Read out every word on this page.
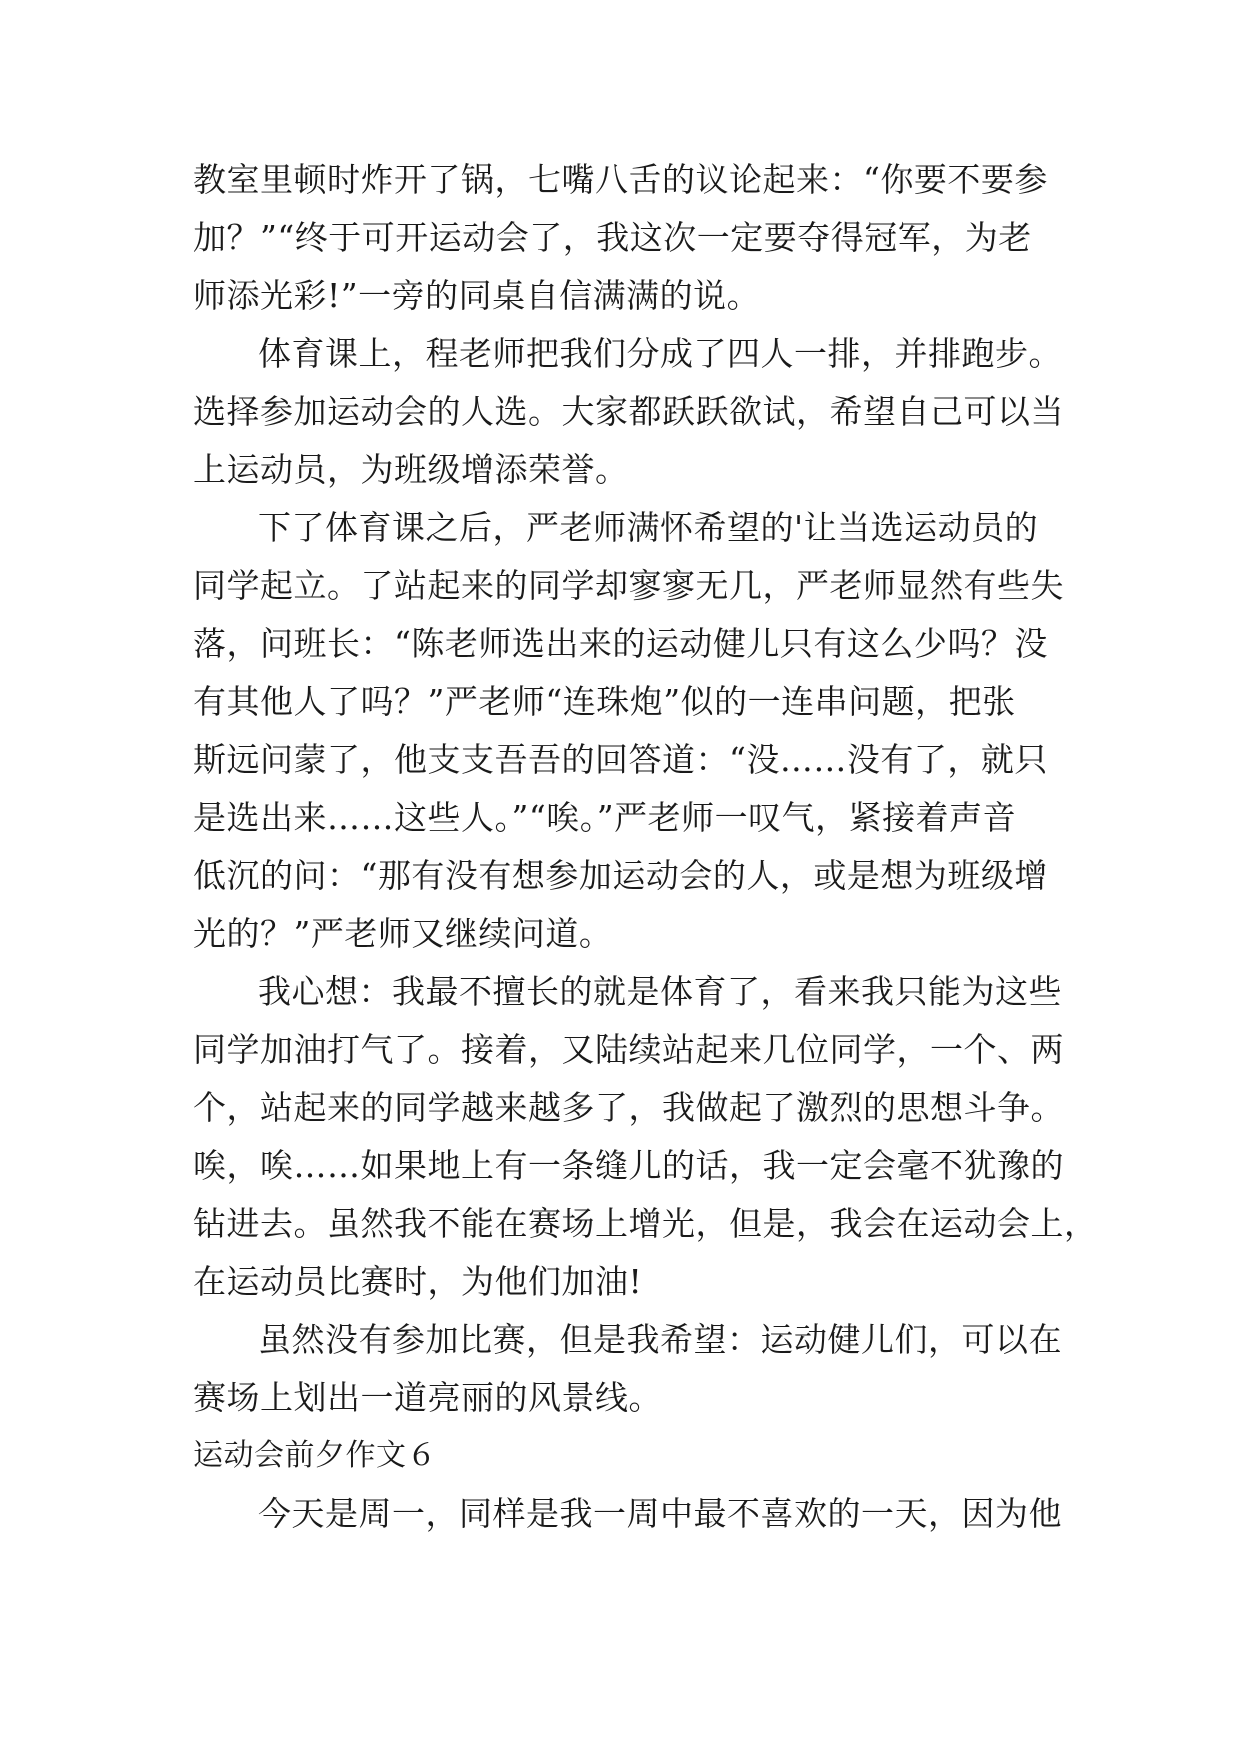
教室里顿时炸开了锅，七嘴八舌的议论起来：“你要不要参
加？”“终于可开运动会了，我这次一定要夺得冠军，为老
师添光彩!”一旁的同桌自信满满的说。
体育课上，程老师把我们分成了四人一排，并排跑步。
选择参加运动会的人选。大家都跃跃欲试，希望自己可以当
上运动员，为班级增添荣誉。
下了体育课之后，严老师满怀希望的'让当选运动员的
同学起立。了站起来的同学却寥寥无几，严老师显然有些失
落，问班长：“陈老师选出来的运动健儿只有这么少吗？没
有其他人了吗？”严老师“连珠炮”似的一连串问题，把张
斯远问蒙了，他支支吾吾的回答道：“没……没有了，就只
是选出来……这些人。”“唉。”严老师一叹气，紧接着声音
低沉的问：“那有没有想参加运动会的人，或是想为班级增
光的？”严老师又继续问道。
我心想：我最不擅长的就是体育了，看来我只能为这些
同学加油打气了。接着，又陆续站起来几位同学，一个、两
个，站起来的同学越来越多了，我做起了激烈的思想斗争。
唉，唉……如果地上有一条缝儿的话，我一定会毫不犹豫的
钻进去。虽然我不能在赛场上增光，但是，我会在运动会上，
在运动员比赛时，为他们加油!
虽然没有参加比赛，但是我希望：运动健儿们，可以在
赛场上划出一道亮丽的风景线。
运动会前夕作文６
今天是周一，同样是我一周中最不喜欢的一天，因为他
